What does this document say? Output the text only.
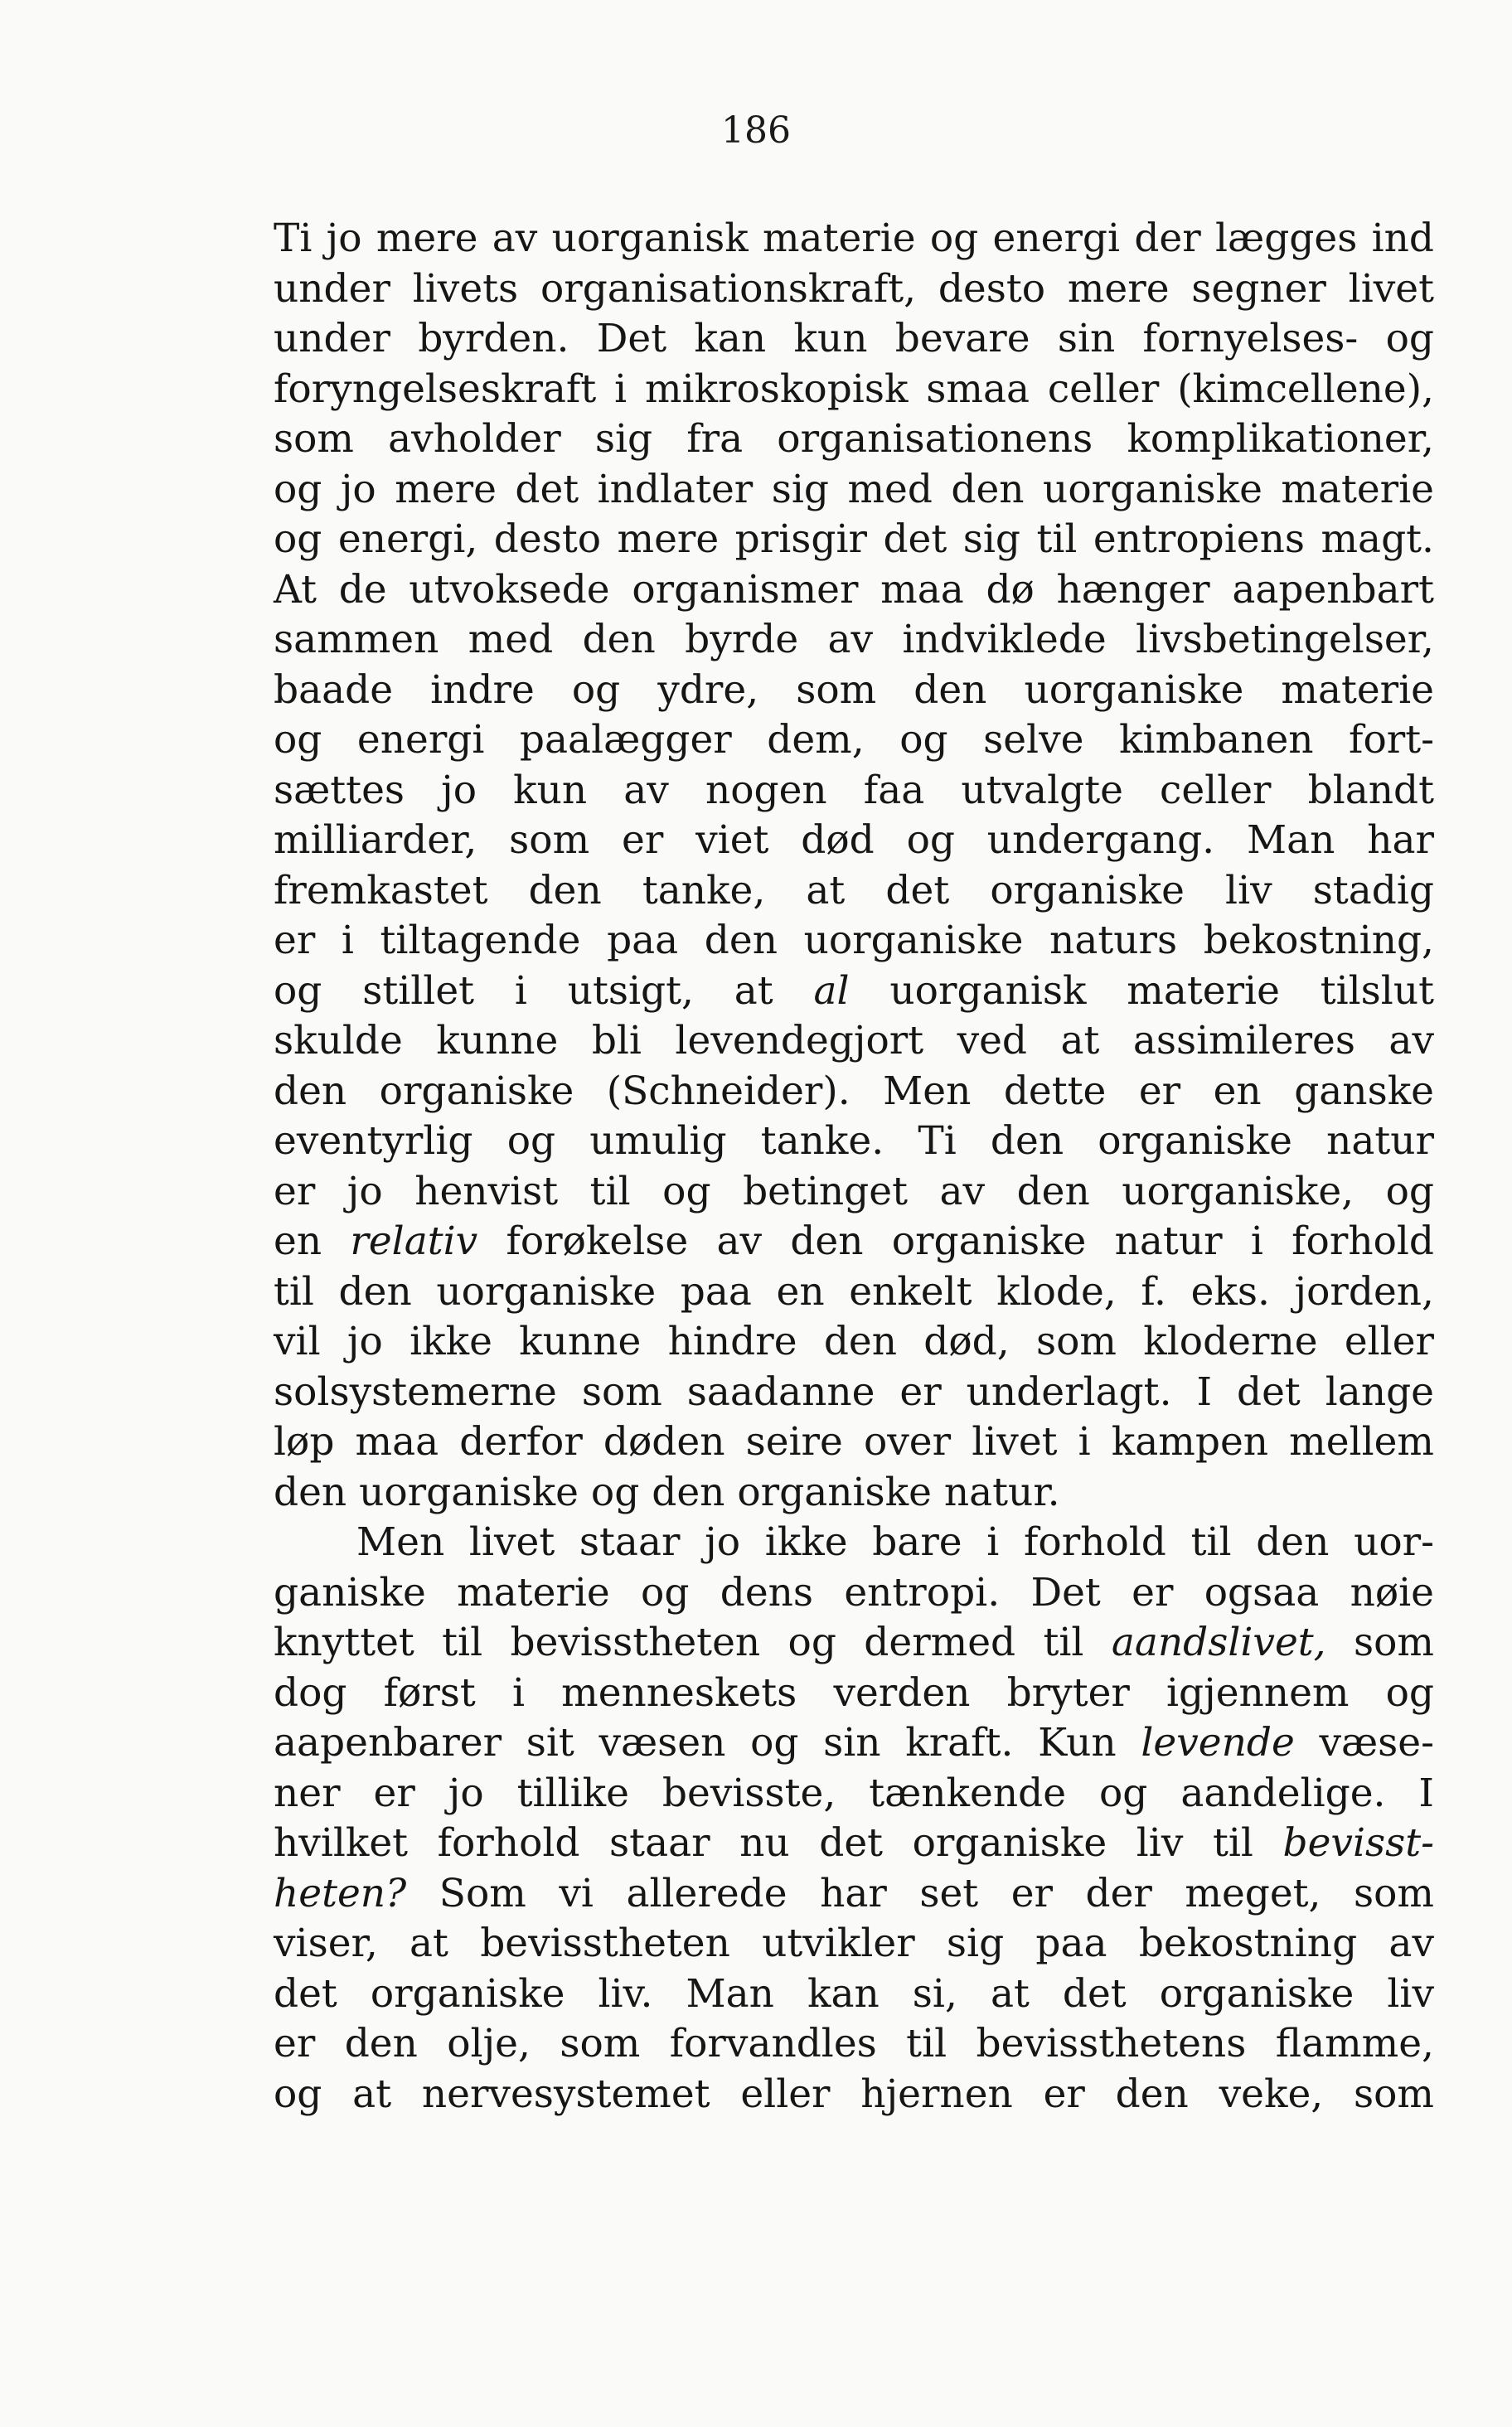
186
Ti jo mere av uorganisk materie og energi der lægges ind
under livets organisationskraft, desto mere segner livet
under byrden. Det kan kun bevare sin fornyelses- og
foryngelseskraft i mikroskopisk smaa celler (kimcellene),
som avholder sig fra organisationens komplikationer,
og jo mere det indlater sig med den uorganiske materie
og energi, desto mere prisgir det sig til entropiens magt.
At de utvoksede organismer maa dø hænger aapenbart
sammen med den byrde av indviklede livsbetingelser,
baade indre og ydre, som den uorganiske materie
og energi paalægger dem, og selve kimbanen fort-
sættes jo kun av nogen faa utvalgte celler blandt
milliarder, som er viet død og undergang. Man har
fremkastet den tanke, at det organiske liv stadig
er i tiltagende paa den uorganiske naturs bekostning,
og stillet i utsigt, at al uorganisk materie tilslut
skulde kunne bli levendegjort ved at assimileres av
den organiske (Schneider). Men dette er en ganske
eventyrlig og umulig tanke. Ti den organiske natur
er jo henvist til og betinget av den uorganiske, og
en relativ forøkelse av den organiske natur i forhold
til den uorganiske paa en enkelt klode, f. eks. jorden,
vil jo ikke kunne hindre den død, som kloderne eller
solsystemerne som saadanne er underlagt. I det lange
løp maa derfor døden seire over livet i kampen mellem
den uorganiske og den organiske natur.
Men livet staar jo ikke bare i forhold til den uor-
ganiske materie og dens entropi. Det er ogsaa nøie
knyttet til bevisstheten og dermed til aandslivet, som
dog først i menneskets verden bryter igjennem og
aapenbarer sit væsen og sin kraft. Kun levende væse-
ner er jo tillike bevisste, tænkende og aandelige. I
hvilket forhold staar nu det organiske liv til bevisst-
heten? Som vi allerede har set er der meget, som
viser, at bevisstheten utvikler sig paa bekostning av
det organiske liv. Man kan si, at det organiske liv
er den olje, som forvandles til bevissthetens flamme,
og at nervesystemet eller hjernen er den veke, som
